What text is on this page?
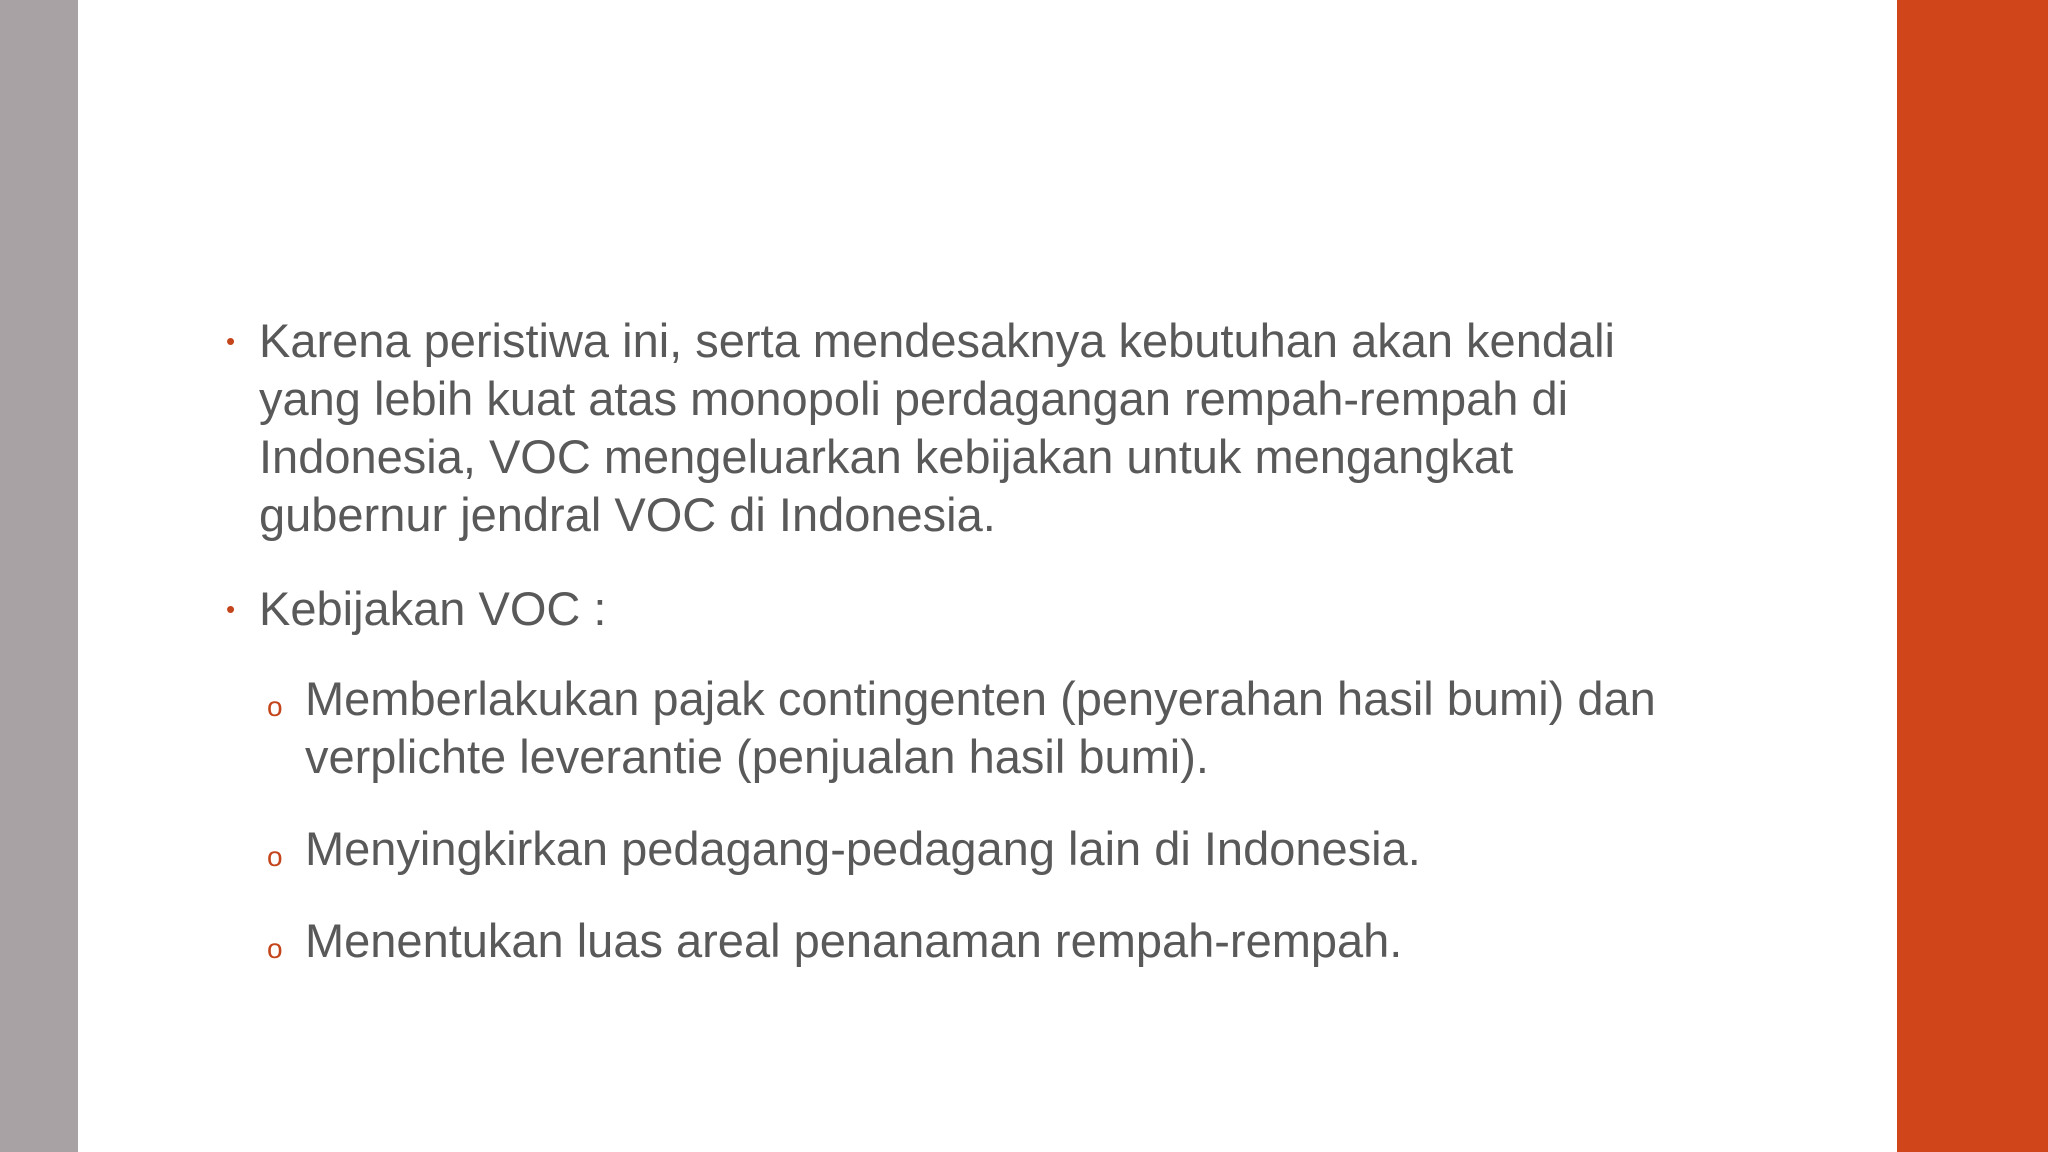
• Karena peristiwa ini, serta mendesaknya kebutuhan akan kendali
yang lebih kuat atas monopoli perdagangan rempah-rempah di
Indonesia, VOC mengeluarkan kebijakan untuk mengangkat
gubernur jendral VOC di Indonesia.
• Kebijakan VOC :
o Memberlakukan pajak contingenten (penyerahan hasil bumi) dan
verplichte leverantie (penjualan hasil bumi).
o Menyingkirkan pedagang-pedagang lain di Indonesia.
o Menentukan luas areal penanaman rempah-rempah.
